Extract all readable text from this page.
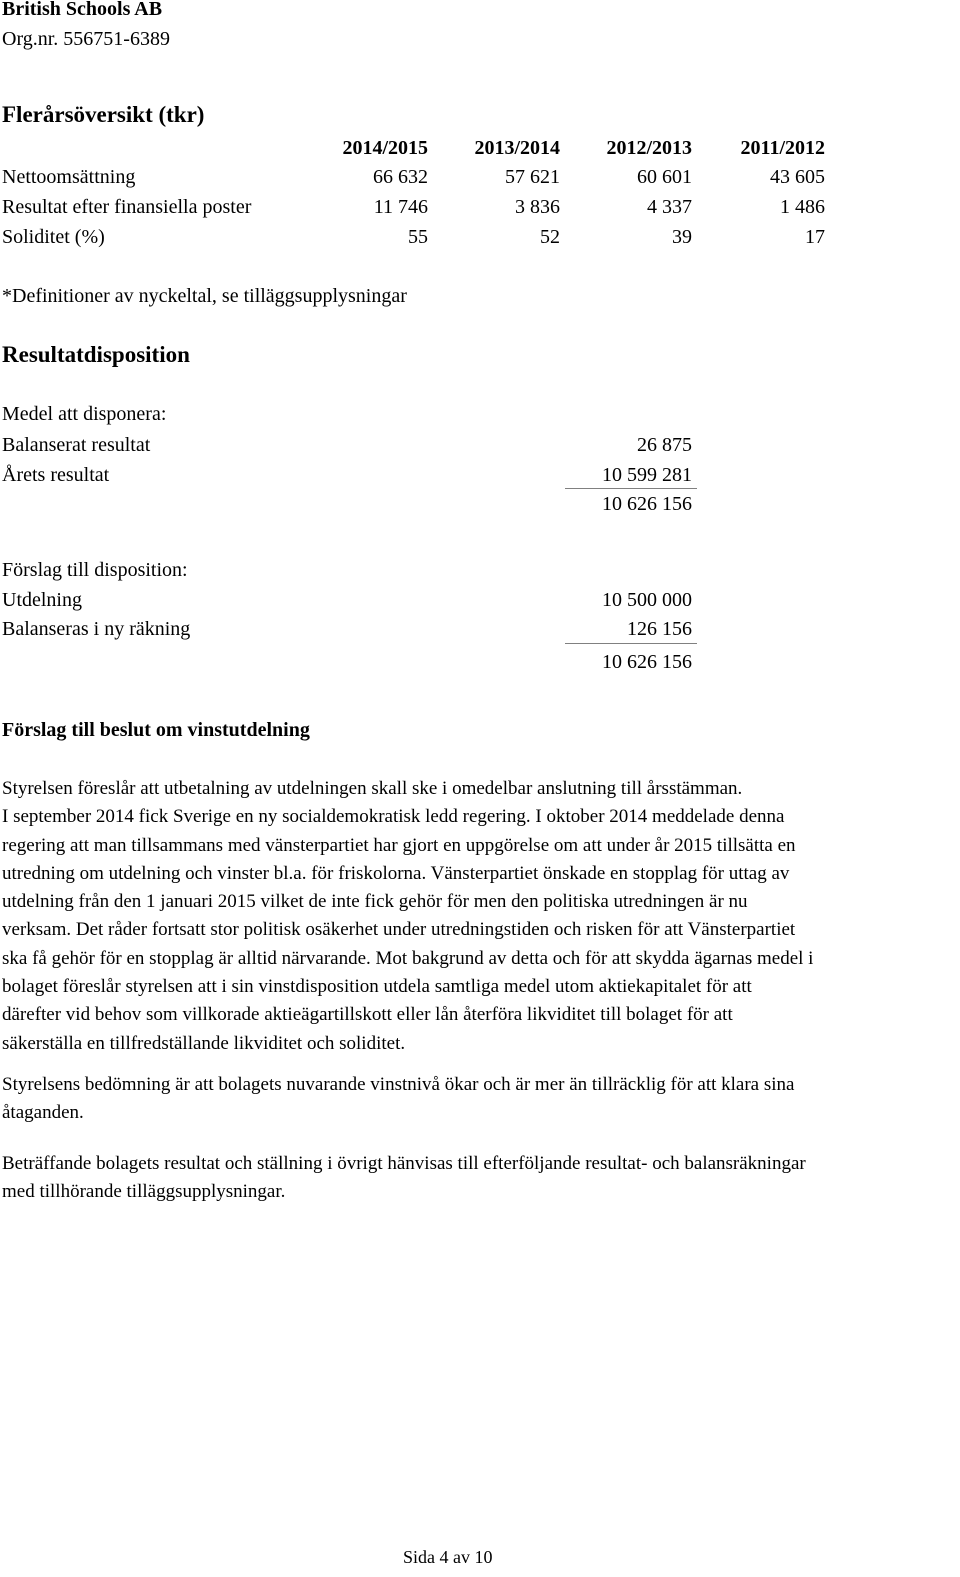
British Schools AB
Org.nr. 556751-6389
Flerårsöversikt (tkr)
2014/2015	2013/2014	2012/2013	2011/2012
Nettoomsättning	66 632	57 621	60 601	43 605
Resultat efter finansiella poster	11 746	3 836	4 337	1 486
Soliditet (%)	55	52	39	17
*Definitioner av nyckeltal, se tilläggsupplysningar
Resultatdisposition
Medel att disponera:
Balanserat resultat	26 875
Årets resultat	10 599 281
10 626 156
Förslag till disposition:
Utdelning	10 500 000
Balanseras i ny räkning	126 156
10 626 156
Förslag till beslut om vinstutdelning
Styrelsen föreslår att utbetalning av utdelningen skall ske i omedelbar anslutning till årsstämman.
I september 2014 fick Sverige en ny socialdemokratisk ledd regering. I oktober 2014 meddelade denna
regering att man tillsammans med vänsterpartiet har gjort en uppgörelse om att under år 2015 tillsätta en
utredning om utdelning och vinster bl.a. för friskolorna. Vänsterpartiet önskade en stopplag för uttag av
utdelning från den 1 januari 2015 vilket de inte fick gehör för men den politiska utredningen är nu
verksam. Det råder fortsatt stor politisk osäkerhet under utredningstiden och risken för att Vänsterpartiet
ska få gehör för en stopplag är alltid närvarande. Mot bakgrund av detta och för att skydda ägarnas medel i
bolaget föreslår styrelsen att i sin vinstdisposition utdela samtliga medel utom aktiekapitalet för att
därefter vid behov som villkorade aktieägartillskott eller lån återföra likviditet till bolaget för att
säkerställa en tillfredställande likviditet och soliditet.
Styrelsens bedömning är att bolagets nuvarande vinstnivå ökar och är mer än tillräcklig för att klara sina
åtaganden.
Beträffande bolagets resultat och ställning i övrigt hänvisas till efterföljande resultat- och balansräkningar
med tillhörande tilläggsupplysningar.
Sida 4 av 10
